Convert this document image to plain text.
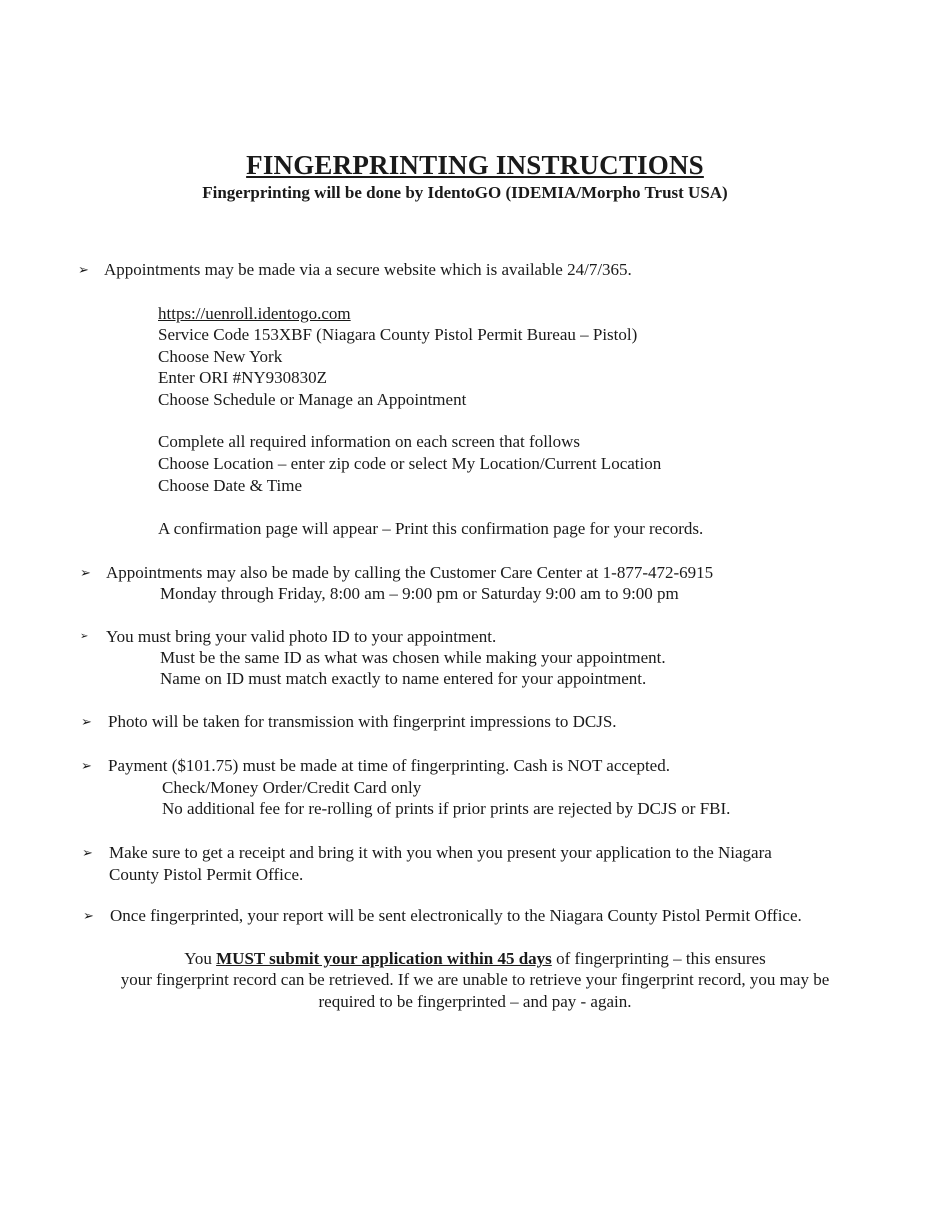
FINGERPRINTING INSTRUCTIONS

Fingerprinting will be done by IdentoGO (IDEMIA/Morpho Trust USA)

➢ Appointments may be made via a secure website which is available 24/7/365.

https://uenroll.identogo.com

Service Code 153XBF (Niagara County Pistol Permit Bureau – Pistol)

Choose New York

Enter ORI #NY930830Z

Choose Schedule or Manage an Appointment

Complete all required information on each screen that follows

Choose Location – enter zip code or select My Location/Current Location

Choose Date & Time

A confirmation page will appear – Print this confirmation page for your records.

➢ Appointments may also be made by calling the Customer Care Center at 1-877-472-6915

Monday through Friday, 8:00 am – 9:00 pm or Saturday 9:00 am to 9:00 pm

➢	You must bring your valid photo ID to your appointment.

Must be the same ID as what was chosen while making your appointment.

Name on ID must match exactly to name entered for your appointment.

➢ Photo will be taken for transmission with fingerprint impressions to DCJS.

➢ Payment ($101.75) must be made at time of fingerprinting. Cash is NOT accepted.

Check/Money Order/Credit Card only

No additional fee for re-rolling of prints if prior prints are rejected by DCJS or FBI.

➢ Make sure to get a receipt and bring it with you when you present your application to the Niagara

County Pistol Permit Office.

➢ Once fingerprinted, your report will be sent electronically to the Niagara County Pistol Permit Office.

You MUST submit your application within 45 days of fingerprinting – this ensures

your fingerprint record can be retrieved. If we are unable to retrieve your fingerprint record, you may be

required to be fingerprinted – and pay - again.
